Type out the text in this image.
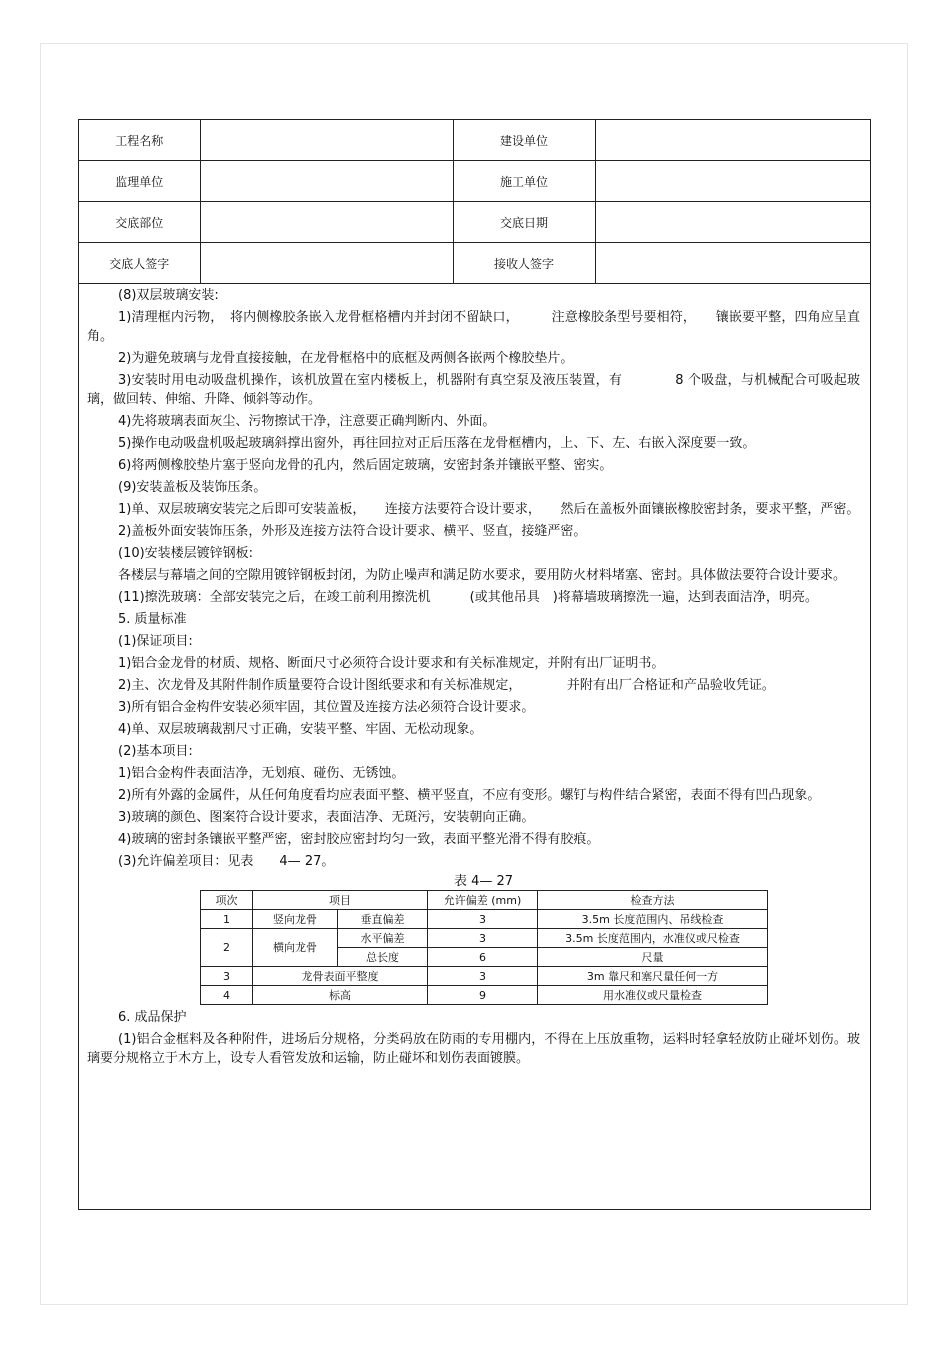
工程名称		建设单位	
监理单位		施工单位	
交底部位		交底日期	
交底人签字		接收人签字	

(8)双层玻璃安装:

1)清理框内污物，　将内侧橡胶条嵌入龙骨框格槽内并封闭不留缺口，　　　注意橡胶条型号要相符，　　镶嵌要平整，四角应呈直角。

2)为避免玻璃与龙骨直接接触，在龙骨框格中的底框及两侧各嵌两个橡胶垫片。

3)安装时用电动吸盘机操作，该机放置在室内楼板上，机器附有真空泵及液压装置，有　　　　8 个吸盘，与机械配合可吸起玻璃，做回转、伸缩、升降、倾斜等动作。

4)先将玻璃表面灰尘、污物擦试干净，注意要正确判断内、外面。

5)操作电动吸盘机吸起玻璃斜撑出窗外，再往回拉对正后压落在龙骨框槽内，上、下、左、右嵌入深度要一致。

6)将两侧橡胶垫片塞于竖向龙骨的孔内，然后固定玻璃，安密封条并镶嵌平整、密实。

(9)安装盖板及装饰压条。

1)单、双层玻璃安装完之后即可安装盖板，　　连接方法要符合设计要求，　　然后在盖板外面镶嵌橡胶密封条，要求平整，严密。

2)盖板外面安装饰压条，外形及连接方法符合设计要求、横平、竖直，接缝严密。

(10)安装楼层镀锌钢板:

各楼层与幕墙之间的空隙用镀锌钢板封闭，为防止噪声和满足防水要求，要用防火材料堵塞、密封。具体做法要符合设计要求。

(11)擦洗玻璃：全部安装完之后，在竣工前利用擦洗机　　　(或其他吊具　)将幕墙玻璃擦洗一遍，达到表面洁净，明亮。

5. 质量标准

(1)保证项目:

1)铝合金龙骨的材质、规格、断面尺寸必须符合设计要求和有关标准规定，并附有出厂证明书。

2)主、次龙骨及其附件制作质量要符合设计图纸要求和有关标准规定，　　　　并附有出厂合格证和产品验收凭证。

3)所有铝合金构件安装必须牢固，其位置及连接方法必须符合设计要求。

4)单、双层玻璃裁割尺寸正确，安装平整、牢固、无松动现象。

(2)基本项目:

1)铝合金构件表面洁净，无划痕、碰伤、无锈蚀。

2)所有外露的金属件，从任何角度看均应表面平整、横平竖直，不应有变形。螺钉与构件结合紧密，表面不得有凹凸现象。

3)玻璃的颜色、图案符合设计要求，表面洁净、无斑污，安装朝向正确。

4)玻璃的密封条镶嵌平整严密，密封胶应密封均匀一致，表面平整光滑不得有胶痕。

(3)允许偏差项目：见表　　4— 27。

表 4— 27

项次	项目		允许偏差 (mm)	检查方法
1	竖向龙骨	垂直偏差	3	3.5m 长度范围内、吊线检查
2	横向龙骨	水平偏差	3	3.5m 长度范围内，水准仪或尺检查
		总长度	6	尺量
3	龙骨表面平整度		3	3m 靠尺和塞尺量任何一方
4	标高		9	用水准仪或尺量检查

6. 成品保护

(1)铝合金框料及各种附件，进场后分规格，分类码放在防雨的专用棚内，不得在上压放重物，运料时轻拿轻放防止碰坏划伤。玻璃要分规格立于木方上，设专人看管发放和运输，防止碰坏和划伤表面镀膜。
